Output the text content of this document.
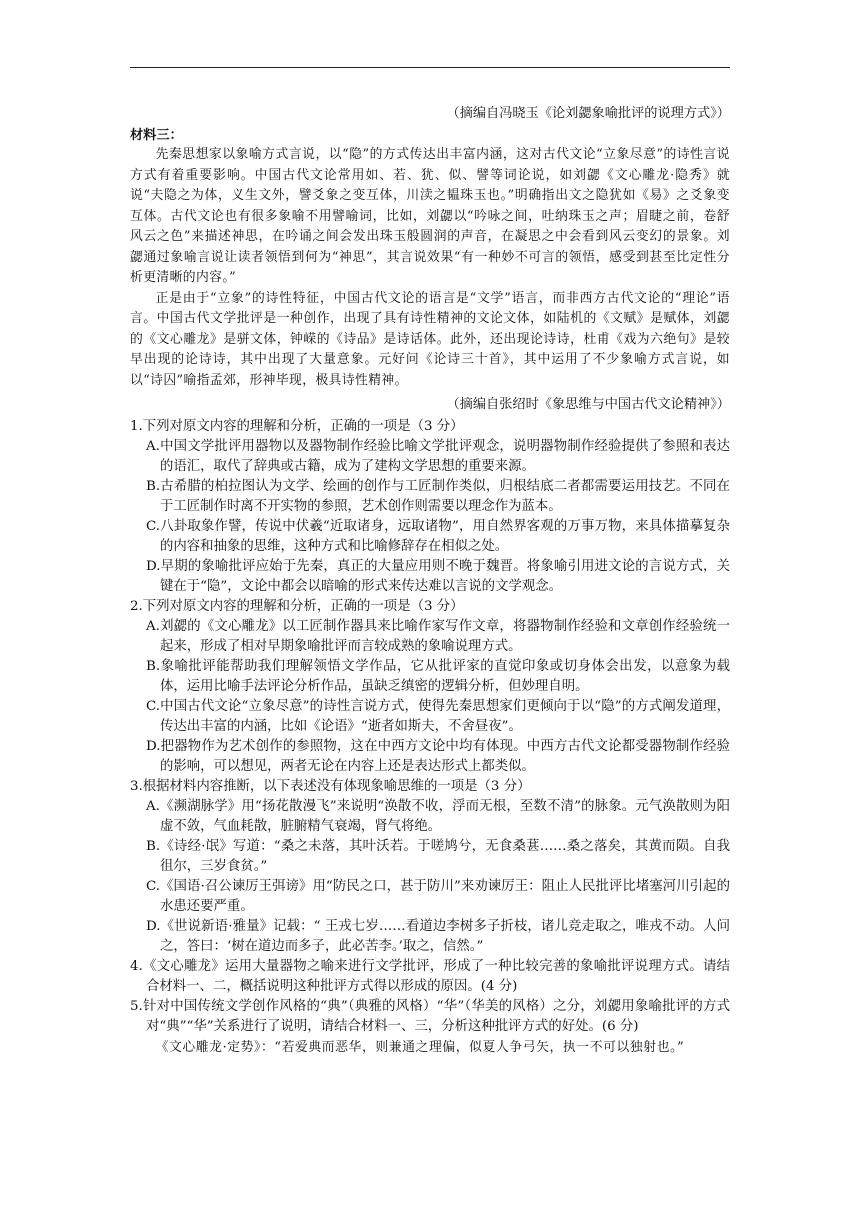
（摘编自冯晓玉《论刘勰象喻批评的说理方式》）
材料三：

先秦思想家以象喻方式言说，以“隐”的方式传达出丰富内涵，这对古代文论“立象尽意”的诗性言说方式有着重要影响。中国古代文论常用如、若、犹、似、譬等词论说，如刘勰《文心雕龙·隐秀》就说“夫隐之为体，义生文外，譬爻象之变互体，川渎之韫珠玉也。”明确指出文之隐犹如《易》之爻象变互体。古代文论也有很多象喻不用譬喻词，比如，刘勰以“吟咏之间，吐纳珠玉之声；眉睫之前，卷舒风云之色”来描述神思，在吟诵之间会发出珠玉般圆润的声音，在凝思之中会看到风云变幻的景象。刘勰通过象喻言说让读者领悟到何为“神思”，其言说效果“有一种妙不可言的领悟，感受到甚至比定性分析更清晰的内容。”

正是由于“立象”的诗性特征，中国古代文论的语言是“文学”语言，而非西方古代文论的“理论”语言。中国古代文学批评是一种创作，出现了具有诗性精神的文论文体，如陆机的《文赋》是赋体，刘勰的《文心雕龙》是骈文体，钟嵘的《诗品》是诗话体。此外，还出现论诗诗，杜甫《戏为六绝句》是较早出现的论诗诗，其中出现了大量意象。元好问《论诗三十首》，其中运用了不少象喻方式言说，如以“诗囚”喻指孟郊，形神毕现，极具诗性精神。

（摘编自张绍时《象思维与中国古代文论精神》）

1.下列对原文内容的理解和分析，正确的一项是（3 分）

A.中国文学批评用器物以及器物制作经验比喻文学批评观念，说明器物制作经验提供了参照和表达的语汇，取代了辞典或古籍，成为了建构文学思想的重要来源。

B.古希腊的柏拉图认为文学、绘画的创作与工匠制作类似，归根结底二者都需要运用技艺。不同在于工匠制作时离不开实物的参照，艺术创作则需要以理念作为蓝本。

C.八卦取象作譬，传说中伏羲“近取诸身，远取诸物”，用自然界客观的万事万物，来具体描摹复杂的内容和抽象的思维，这种方式和比喻修辞存在相似之处。

D.早期的象喻批评应始于先秦，真正的大量应用则不晚于魏晋。将象喻引用进文论的言说方式，关键在于“隐”，文论中都会以暗喻的形式来传达难以言说的文学观念。

2.下列对原文内容的理解和分析，正确的一项是（3 分）

A.刘勰的《文心雕龙》以工匠制作器具来比喻作家写作文章，将器物制作经验和文章创作经验统一起来，形成了相对早期象喻批评而言较成熟的象喻说理方式。

B.象喻批评能帮助我们理解领悟文学作品，它从批评家的直觉印象或切身体会出发，以意象为载体，运用比喻手法评论分析作品，虽缺乏缜密的逻辑分析，但妙理自明。

C.中国古代文论“立象尽意”的诗性言说方式，使得先秦思想家们更倾向于以“隐”的方式阐发道理，传达出丰富的内涵，比如《论语》“逝者如斯夫，不舍昼夜”。

D.把器物作为艺术创作的参照物，这在中西方文论中均有体现。中西方古代文论都受器物制作经验的影响，可以想见，两者无论在内容上还是表达形式上都类似。

3.根据材料内容推断，以下表述没有体现象喻思维的一项是（3 分）

A.《濒湖脉学》用“扬花散漫飞”来说明“涣散不收，浮而无根，至数不清”的脉象。元气涣散则为阳虚不敛，气血耗散，脏腑精气衰竭，肾气将绝。

B.《诗经·氓》写道：“桑之未落，其叶沃若。于嗟鸠兮，无食桑葚……桑之落矣，其黄而陨。自我徂尔，三岁食贫。”

C.《国语·召公谏厉王弭谤》用“防民之口，甚于防川”来劝谏厉王：阻止人民批评比堵塞河川引起的水患还要严重。

D.《世说新语·雅量》记载：“ 王戎七岁……看道边李树多子折枝，诸儿竞走取之，唯戎不动。人问之，答曰：‘树在道边而多子，此必苦李。’取之，信然。”

4.《文心雕龙》运用大量器物之喻来进行文学批评，形成了一种比较完善的象喻批评说理方式。请结合材料一、二，概括说明这种批评方式得以形成的原因。(4 分)

5.针对中国传统文学创作风格的“典”（典雅的风格）“华”（华美的风格）之分，刘勰用象喻批评的方式对“典”“华”关系进行了说明，请结合材料一、三，分析这种批评方式的好处。(6 分)

《文心雕龙·定势》：“若爱典而恶华，则兼通之理偏，似夏人争弓矢，执一不可以独射也。”
